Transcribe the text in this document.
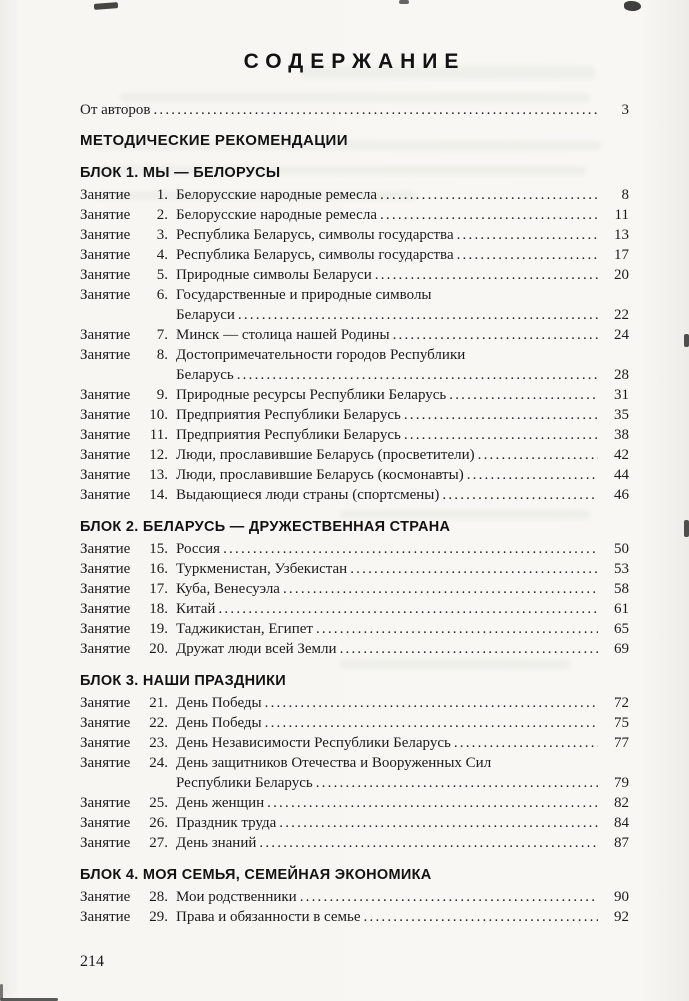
СОДЕРЖАНИЕ
От авторов .....	3
МЕТОДИЧЕСКИЕ РЕКОМЕНДАЦИИ
БЛОК 1. МЫ — БЕЛОРУСЫ
Занятие 1. Белорусские народные ремесла .....	8
Занятие 2. Белорусские народные ремесла .....	11
Занятие 3. Республика Беларусь, символы государства .....	13
Занятие 4. Республика Беларусь, символы государства .....	17
Занятие 5. Природные символы Беларуси .....	20
Занятие 6. Государственные и природные символы
Беларуси .....	22
Занятие 7. Минск — столица нашей Родины .....	24
Занятие 8. Достопримечательности городов Республики
Беларусь .....	28
Занятие 9. Природные ресурсы Республики Беларусь .....	31
Занятие 10. Предприятия Республики Беларусь .....	35
Занятие 11. Предприятия Республики Беларусь .....	38
Занятие 12. Люди, прославившие Беларусь (просветители) .....	42
Занятие 13. Люди, прославившие Беларусь (космонавты) .....	44
Занятие 14. Выдающиеся люди страны (спортсмены) .....	46
БЛОК 2. БЕЛАРУСЬ — ДРУЖЕСТВЕННАЯ СТРАНА
Занятие 15. Россия .....	50
Занятие 16. Туркменистан, Узбекистан .....	53
Занятие 17. Куба, Венесуэла .....	58
Занятие 18. Китай .....	61
Занятие 19. Таджикистан, Египет .....	65
Занятие 20. Дружат люди всей Земли .....	69
БЛОК 3. НАШИ ПРАЗДНИКИ
Занятие 21. День Победы .....	72
Занятие 22. День Победы .....	75
Занятие 23. День Независимости Республики Беларусь .....	77
Занятие 24. День защитников Отечества и Вооруженных Сил
Республики Беларусь .....	79
Занятие 25. День женщин .....	82
Занятие 26. Праздник труда .....	84
Занятие 27. День знаний .....	87
БЛОК 4. МОЯ СЕМЬЯ, СЕМЕЙНАЯ ЭКОНОМИКА
Занятие 28. Мои родственники .....	90
Занятие 29. Права и обязанности в семье .....	92
214
